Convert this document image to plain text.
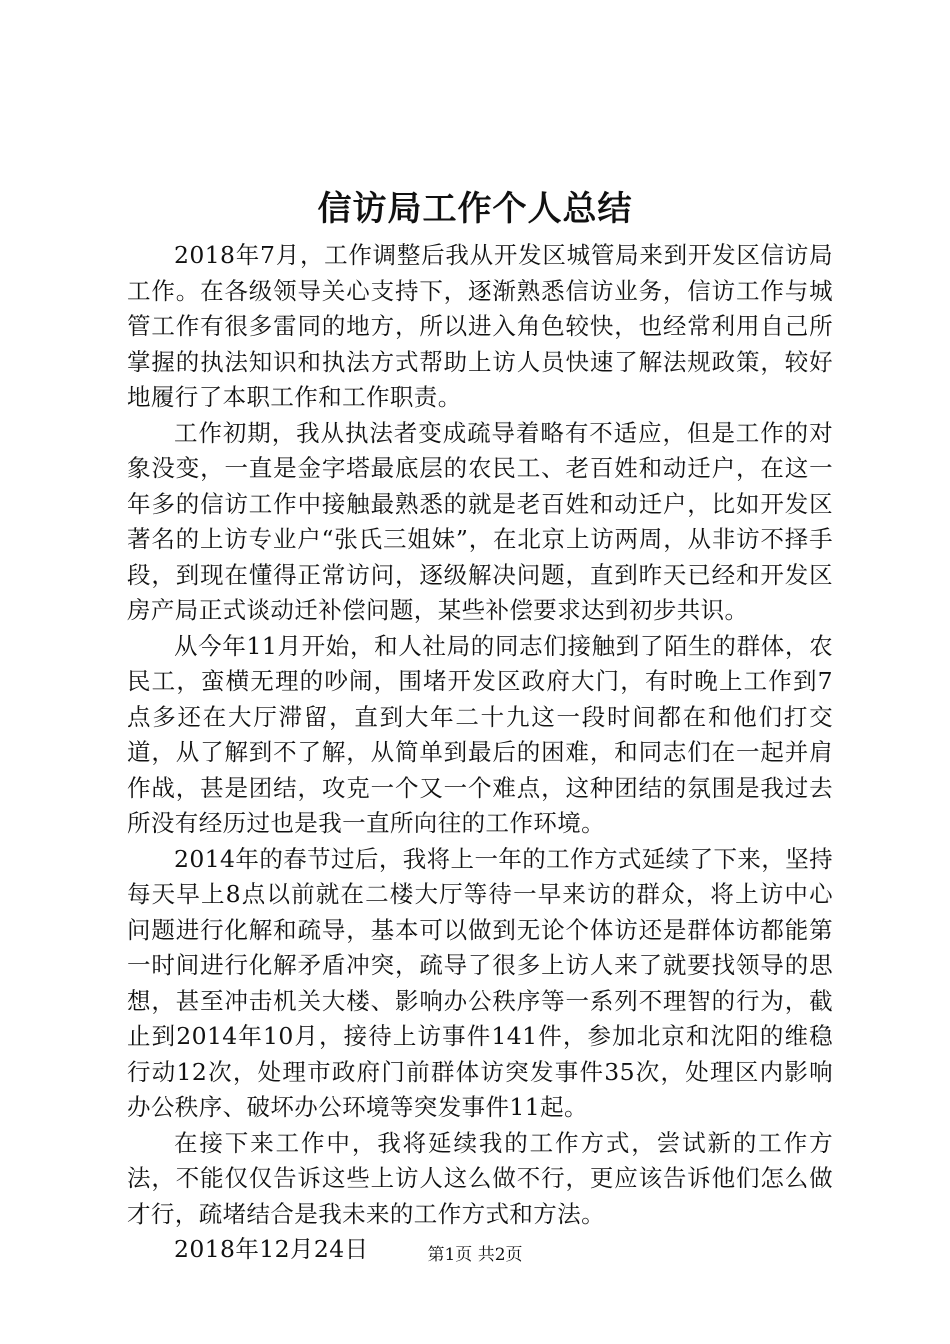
信访局工作个人总结

2018年7月，工作调整后我从开发区城管局来到开发区信访局工作。在各级领导关心支持下，逐渐熟悉信访业务，信访工作与城管工作有很多雷同的地方，所以进入角色较快，也经常利用自己所掌握的执法知识和执法方式帮助上访人员快速了解法规政策，较好地履行了本职工作和工作职责。

工作初期，我从执法者变成疏导着略有不适应，但是工作的对象没变，一直是金字塔最底层的农民工、老百姓和动迁户，在这一年多的信访工作中接触最熟悉的就是老百姓和动迁户，比如开发区著名的上访专业户“张氏三姐妹”，在北京上访两周，从非访不择手段，到现在懂得正常访问，逐级解决问题，直到昨天已经和开发区房产局正式谈动迁补偿问题，某些补偿要求达到初步共识。

从今年11月开始，和人社局的同志们接触到了陌生的群体，农民工，蛮横无理的吵闹，围堵开发区政府大门，有时晚上工作到7点多还在大厅滞留，直到大年二十九这一段时间都在和他们打交道，从了解到不了解，从简单到最后的困难，和同志们在一起并肩作战，甚是团结，攻克一个又一个难点，这种团结的氛围是我过去所没有经历过也是我一直所向往的工作环境。

2014年的春节过后，我将上一年的工作方式延续了下来，坚持每天早上8点以前就在二楼大厅等待一早来访的群众，将上访中心问题进行化解和疏导，基本可以做到无论个体访还是群体访都能第一时间进行化解矛盾冲突，疏导了很多上访人来了就要找领导的思想，甚至冲击机关大楼、影响办公秩序等一系列不理智的行为，截止到2014年10月，接待上访事件141件，参加北京和沈阳的维稳行动12次，处理市政府门前群体访突发事件35次，处理区内影响办公秩序、破坏办公环境等突发事件11起。

在接下来工作中，我将延续我的工作方式，尝试新的工作方法，不能仅仅告诉这些上访人这么做不行，更应该告诉他们怎么做才行，疏堵结合是我未来的工作方式和方法。

2018年12月24日	第1页 共2页
